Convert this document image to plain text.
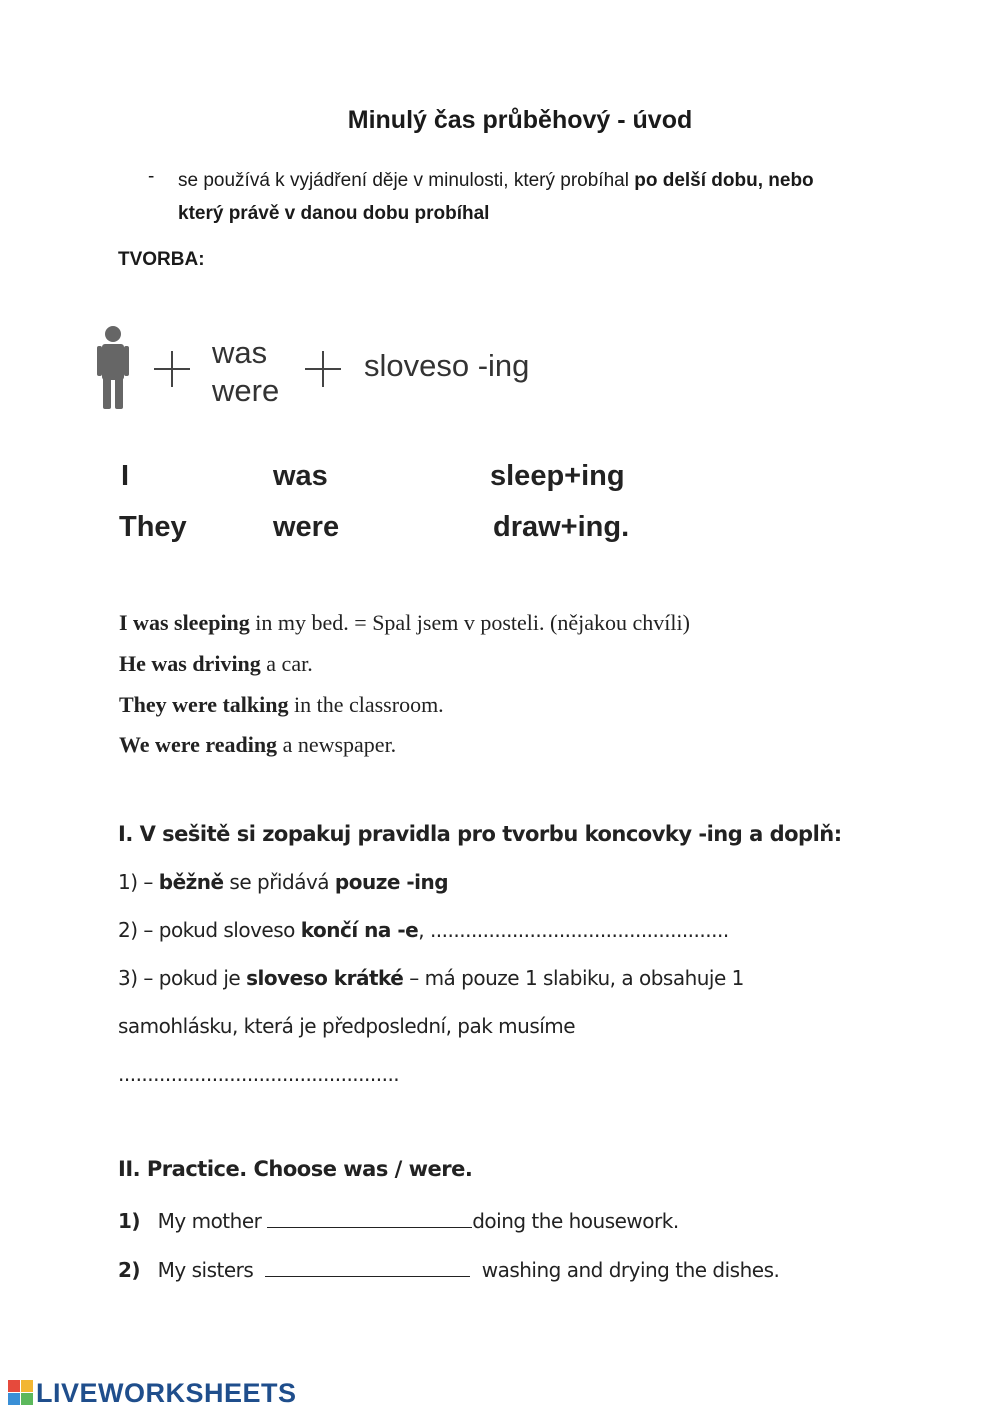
Minulý čas průběhový - úvod
- se používá k vyjádření děje v minulosti, který probíhal po delší dobu, nebo
který právě v danou dobu probíhal
TVORBA:
was
were
sloveso -ing
I	was	sleep+ing
They	were	draw+ing.
I was sleeping in my bed. = Spal jsem v posteli. (nějakou chvíli)
He was driving a car.
They were talking in the classroom.
We were reading a newspaper.
I. V sešitě si zopakuj pravidla pro tvorbu koncovky -ing a doplň:
1) – běžně se přidává pouze -ing
2) – pokud sloveso končí na -e, ...................................................
3) – pokud je sloveso krátké – má pouze 1 slabiku, a obsahuje 1
samohlásku, která je předposlední, pak musíme
................................................
II. Practice. Choose was / were.
1) My mother	doing the housework.
2) My sisters	washing and drying the dishes.
LIVEWORKSHEETS
